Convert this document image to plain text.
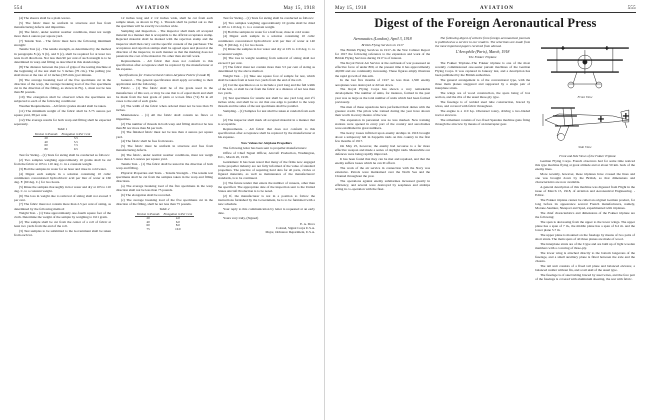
554	AVIATION	May 15, 1918

(4) The sheave shall be a plain weave.

(5) The fabric must be uniform in structure and free from manufacturing defects and impurities.

(6) The fabric, under normal weather conditions, must not weigh more than 4 ounces per square yard.

(7) Tensile Test. - The fabric must have the following minimum strength:

Tensile Test (a) - The tensile strength, as determined by the method in paragraphs 8 (a), 9 (b), and 9 (c), shall be required for at least two tests in all directions. Not less than 90 per cent of such strength is to be determined in warp and filling as described in this alandordage.

(8) The distance between the jaws of grips of the testing machine at the beginning of the test shall be 3 inches (76 cm.). The pulling jaw shall move at the rate of 12 inches (305 mm.) per minute.

(9) The average breaking load of the five specimens cut in the direction of the warp, the average breaking load of the five specimens cut in the direction of the filling, as shown in Fig. 1, must not be less than 80 pounds.

(10) The elongation shall be observed when the specimens are subjected to each of the following conditions:

Weather Requirements. - All fabric grades should shall be taken.

(11) The minimum weight of the fabric shall be 3.75 ounces per square yard, 38 per cent.

(12) The average results for both warp and filling shall be expected separately.

Table 1

Tension in Pounds	Elongation in Per Cent
20	3.5
40	5.5
60	7.5
80	9.5

Test for Sizing. - (1) Tests for sizing shall be conducted as follows:

(2) Two samples weighing approximately 10 grams shall be cut from the fabric at 105 to 110 deg. C. in a constant weight.

(3) Boil the samples in water for an hour and rinse in cold water.

(4) Digest each sample in a solution containing 10 cubic centimeters concentrated hydrochloric acid per liter of water at 160 deg. F. (60 deg. C.) for two hours.

(5) Rinse the samples thoroughly in hot water and dry at 105 to 110 deg. C. to a constant weight.

(6) The loss in weight due to removal of sizing shall not exceed 3 per cent.

(7) The fabric must not contain more than 2.5 per cent of sizing, as determined by the following method:

Weight Test. - (1) Take approximately one-fourth square foot of the cloth. Determine the weight of the sample by weighing to 0.01 gram.

(2) The sample shall be cut from the center of a roll of fabric at least two yards from the end of the roll.

(3) Test samples to be submitted to the Government shall be taken from each lot.

12 inches long and 2 1/2 inches wide, shall be cut from each sample taken, as shown in Fig. 1. Threads shall be pulled out so that the specimen will be exactly two inches wide.

Sampling and Inspection. - The inspector shall mark all accepted material in a manner that is acceptable to the official acceptance stamp. Rejected material shall be marked with the rejection stamp and the inspector shall then carry out the specific consent of the purchaser. The acceptance and rejection stamps shall be agreed upon and placed at the direction of the inspector, in such manner as that the marking does not penetrate the coat of the material. No other than aircraft work.

Replacements. - All fabric that does not conform to this specification after acceptance shall be replaced by the manufacturer at his expense.

Specifications for Unmercerized Cotton Airplane Fabric (Grade B)

General. - The general specification shall apply according to their application and the following.

Fabric. - (1) The fabric shall be of the grade used in the manufacture of this sort, or may be one that is of equal merit and shall be made from the best grade of plain or woven fibre (+4) 81 in all cases to the end of each grade.

(2) The width of the fabric when ordered must not be less than 35 inches.

Maintenance. - (1) All the fabric shall contain no flaws or impurities.

(2) The number of threads in both warp and filling shall not be less than 80 nor more than 84 per inch.

(3) The finished fabric must not be less than 4 ounces per square yard.

(4) The fabric shall be free from knots.

(5) The fabric must be uniform in structure and free from manufacturing defects.

(6) The fabric, under normal weather conditions, must not weigh more than 4.5 ounces per square yard.

Tensile Test. - (1) The fabric shall be tested in the direction of both warp and filling.

Physical Properties and Tests. - Tensile Strength. - The tensile test specimens shall be cut from the samples taken in the warp and filling directions.

(a) The average breaking load of the five specimens in the warp direction shall not be less than 75 pounds.

(b) The elongation shall be recorded.

(c) The average breaking load of the five specimens cut in the direction of the filling, shall be not less than 75 pounds.

Table 2

Tension in Pounds	Elongation in Per Cent
20	4.0
40	6.0
60	8.0
75	10.0

Test for Sizing. - (1) Tests for sizing shall be conducted as follows:

(2) Two samples weighing approximately 10 grams shall be dried at 105 to 110 deg. C. to a constant weight.

(3) Boil the samples in water for a half hour, rinse in cold water.

(4) Digest each sample in a solution containing 10 cubic centimeters concentrated hydrochloric acid per liter of water at 140 deg. F. (60 deg. C.) for two hours.

(5) Rinse the samples in hot water and dry at 105 to 110 deg. C. to a constant weight.

(6) The loss in weight resulting from removal of sizing shall not exceed 3 per cent.

(7) The fabric must not contain more than 3.5 per cent of sizing as determined by the above method.

Weight Test. - (1) Take one square foot of sample for test, which shall be taken from at least two yards from the end of the roll.

(2) Cut the specimen so as to include a yard long and the full width of the bolt, or shall be cut from the fabric at a distance of not less than two yards.

(3) Test specimens for tensile test shall be one yard long and 2½ inches wide, and shall be so cut that one edge is parallel to the warp threads and the sides of the test specimens shall be parallel.

Sampling. - (1) Samples for test shall be taken at random from each lot.

(2) The inspector shall mark all accepted material in a manner that is acceptable.

Replacements. - All fabric that does not conform to this specification after acceptance shall be replaced by the manufacturer at his expense.

New Values for Airplane Propellers

The following letter has been sent to propeller manufacturers:

Office of Chief Signal Officer, Aircraft Production, Washington, D.C., March 20, 1918.

Gentlemen: It has been noted that many of the firms now engaged in the propeller industry are not fully informed of the value of standard propellers. The practice of requiring hard data for all parts, circles or figured materials, as well as maintenance of the manufacturers' standards, is to be continued.

(1) The future tender that enters the number of veneers, other than the specified. The appropriate date of the inspection sent to the United States Aircraft Production is to be noted.

(2) If, the manufacturer is not in a position to follow the instructions furnished by the Government, he is to be furnished with a new schedule.

Your reply to this communication by letter is requested at an early date.

Yours very truly, (Signed)

E. A. Deeds
Colonel, Signal Corps U.S.A.
Major, Ordnance Department, U.S.A.
May 15, 1918	AVIATION	555
Digest of the Foreign Aeronautical Press

Aeronautics (London), April 3, 1918

British Flying Services in 1917

The British Flying Services in 1917.-In the War Cabinet Report for 1917 the following reference to the expansion and work of the British Flying Services during 1917 is of interest.

The Royal Naval Air Service at the outbreak of war possessed an effective force of under 800, at the present time it has approximately 40,000 and are continually increasing. These figures amply illustrate the rapid growth of this arm.

In the last five months of 1917 no less than 1,500 enemy aeroplanes were destroyed or driven down.

The Royal Flying Corps has shown a very remarkable development. The number of units, for instance, formed in the past year was as large as the total number of units which had been formed previously.

The men of these squadrons have performed their duties with the greatest credit. The pilots who trained during the year have shown their worth in every theatre of the war.

The expansion in personnel was no less marked. New training stations were opened in every part of the country and aerodromes were established in great numbers.

The heavy losses inflicted upon enemy airships in 1916 brought about a temporary lull in Zeppelin raids on this country in the first few months of 1917.

On May 25, however, the enemy had recourse to a far more effective weapon and made a series of daylight raids. Meanwhile our defences were being rapidly improved.

It has been found that they can be met and repulsed, and that the enemy suffers losses which he can ill afford.

The work of the air service in connection with the Navy was extensive. Patrols were maintained over the North Sea and the Channel throughout the year.

The operations against enemy submarines increased greatly in efficiency, and several were destroyed by seaplanes and airships acting in co-operation with the fleet.

The following digest of articles from foreign aeronautical journals is published as a service to our readers. The selections are made from the most important papers received from abroad.

L'Aerophile (Paris), March, 1918

The Fokker Triplane

The Fokker Triplane.-The Fokker triplane is one of the most recently commissioned one-seater pursuit machines of the German Flying Corps. It was captured in January last, and a description has been published by the British authorities.

The general arrangement is of the conventional type, with the three main planes staggered and supported by a single pair of interplane struts.

The wings are of wood construction, the spars being of box section, and the ribs of the usual three-ply type.

The fuselage is of welded steel tube construction, braced by wires, and covered with fabric throughout.

The engine is a 110 h.p. Oberursel rotary, driving a two-bladed tractor airscrew.

The armament consists of two fixed Spandau machine guns firing through the airscrew by means of an interrupter gear.

Front View
Side View

Front and Side Views of the Fokker Triplane

German Flying Corps. French observers had for some time noticed this type machine flying at great altitude and at about 50 km. back of the enemy lines.

More recently, however, these triplanes have crossed the lines and one was brought down by the British, so that dimensions and characteristics are now available.

A general description of this machine was digested from Flight in the issue of March 15, 1918, of Aviation and Aeronautical Engineering. - Editor.

The Fokker triplane cannot be called an original German product, for long before its appearance several French manufacturers, namely, Morane-Saulnier, Nieuport and Spad, experimented with triplanes.

The chief characteristics and dimensions of the Fokker triplane are the following:

The span is decreasing from the upper to the lower wings. The upper plane has a span of 7 m., the middle plane has a span of 6.2 m. and the lower plane 5.7 m.

The upper plane is mounted on the fuselage by means of two pairs of short struts. The main spars of all three planes are made of wood.

The interplane struts are of the I type and are built up of light wooden members with a covering of three-ply.

The lower wing is attached directly to the bottom longerons of the fuselage, and a small auxiliary plane is fitted between the axle and the chassis.

The tail unit consists of a fixed tail plane and balanced elevator, a balanced rudder without fin, and a tail skid of the usual type.

The fuselage is of steel tubing braced by steel wires, and the fore part of the fuselage is covered with aluminium sheeting, the rest with fabric.
